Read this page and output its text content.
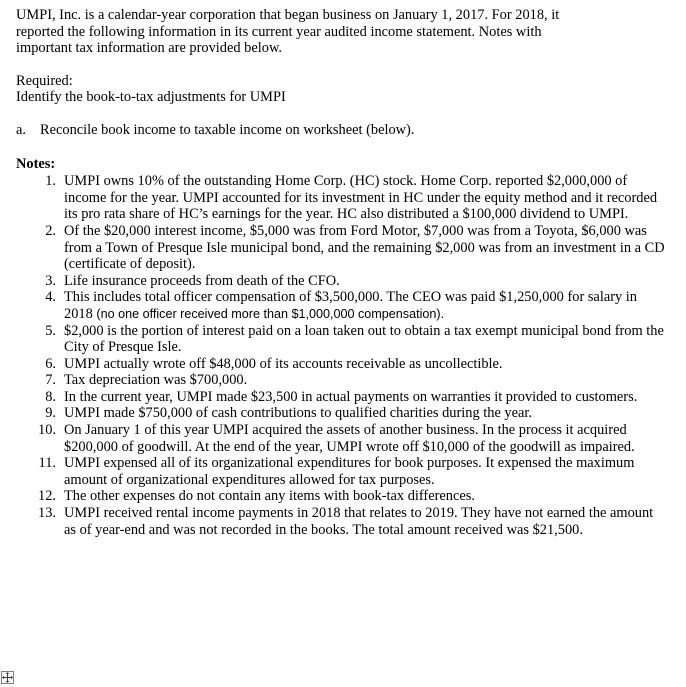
UMPI, Inc. is a calendar-year corporation that began business on January 1, 2017. For 2018, it
reported the following information in its current year audited income statement. Notes with
important tax information are provided below.

Required:
Identify the book-to-tax adjustments for UMPI

a. Reconcile book income to taxable income on worksheet (below).

Notes:

1. UMPI owns 10% of the outstanding Home Corp. (HC) stock. Home Corp. reported $2,000,000 of income for the year. UMPI accounted for its investment in HC under the equity method and it recorded its pro rata share of HC’s earnings for the year. HC also distributed a $100,000 dividend to UMPI.
2. Of the $20,000 interest income, $5,000 was from Ford Motor, $7,000 was from a Toyota, $6,000 was from a Town of Presque Isle municipal bond, and the remaining $2,000 was from an investment in a CD (certificate of deposit).
3. Life insurance proceeds from death of the CFO.
4. This includes total officer compensation of $3,500,000. The CEO was paid $1,250,000 for salary in 2018 (no one officer received more than $1,000,000 compensation).
5. $2,000 is the portion of interest paid on a loan taken out to obtain a tax exempt municipal bond from the City of Presque Isle.
6. UMPI actually wrote off $48,000 of its accounts receivable as uncollectible.
7. Tax depreciation was $700,000.
8. In the current year, UMPI made $23,500 in actual payments on warranties it provided to customers.
9. UMPI made $750,000 of cash contributions to qualified charities during the year.
10. On January 1 of this year UMPI acquired the assets of another business. In the process it acquired $200,000 of goodwill. At the end of the year, UMPI wrote off $10,000 of the goodwill as impaired.
11. UMPI expensed all of its organizational expenditures for book purposes. It expensed the maximum amount of organizational expenditures allowed for tax purposes.
12. The other expenses do not contain any items with book-tax differences.
13. UMPI received rental income payments in 2018 that relates to 2019. They have not earned the amount as of year-end and was not recorded in the books. The total amount received was $21,500.
